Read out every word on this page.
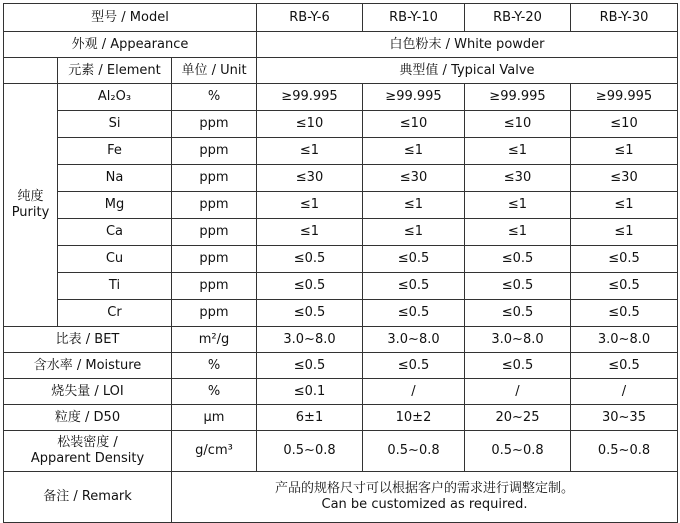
型号 / Model			RB-Y-6	RB-Y-10	RB-Y-20	RB-Y-30
外观 / Appearance			白色粉末 / White powder			
	元素 / Element	单位 / Unit	典型值 / Typical Valve			

纯度
Purity	Al₂O₃	%	≥99.995	≥99.995	≥99.995	≥99.995
	Si	ppm	≤10	≤10	≤10	≤10
	Fe	ppm	≤1	≤1	≤1	≤1
	Na	ppm	≤30	≤30	≤30	≤30
	Mg	ppm	≤1	≤1	≤1	≤1
	Ca	ppm	≤1	≤1	≤1	≤1
	Cu	ppm	≤0.5	≤0.5	≤0.5	≤0.5
	Ti	ppm	≤0.5	≤0.5	≤0.5	≤0.5
	Cr	ppm	≤0.5	≤0.5	≤0.5	≤0.5
比表 / BET		m²/g	3.0~8.0	3.0~8.0	3.0~8.0	3.0~8.0
含水率 / Moisture		%	≤0.5	≤0.5	≤0.5	≤0.5
烧失量 / LOI		%	≤0.1	/	/	/
粒度 / D50		μm	6±1	10±2	20~25	30~35

松装密度 /
Apparent Density		g/cm³	0.5~0.8	0.5~0.8	0.5~0.8	0.5~0.8
备注 / Remark		产品的规格尺寸可以根据客户的需求进行调整定制。
Can be customized as required.				
